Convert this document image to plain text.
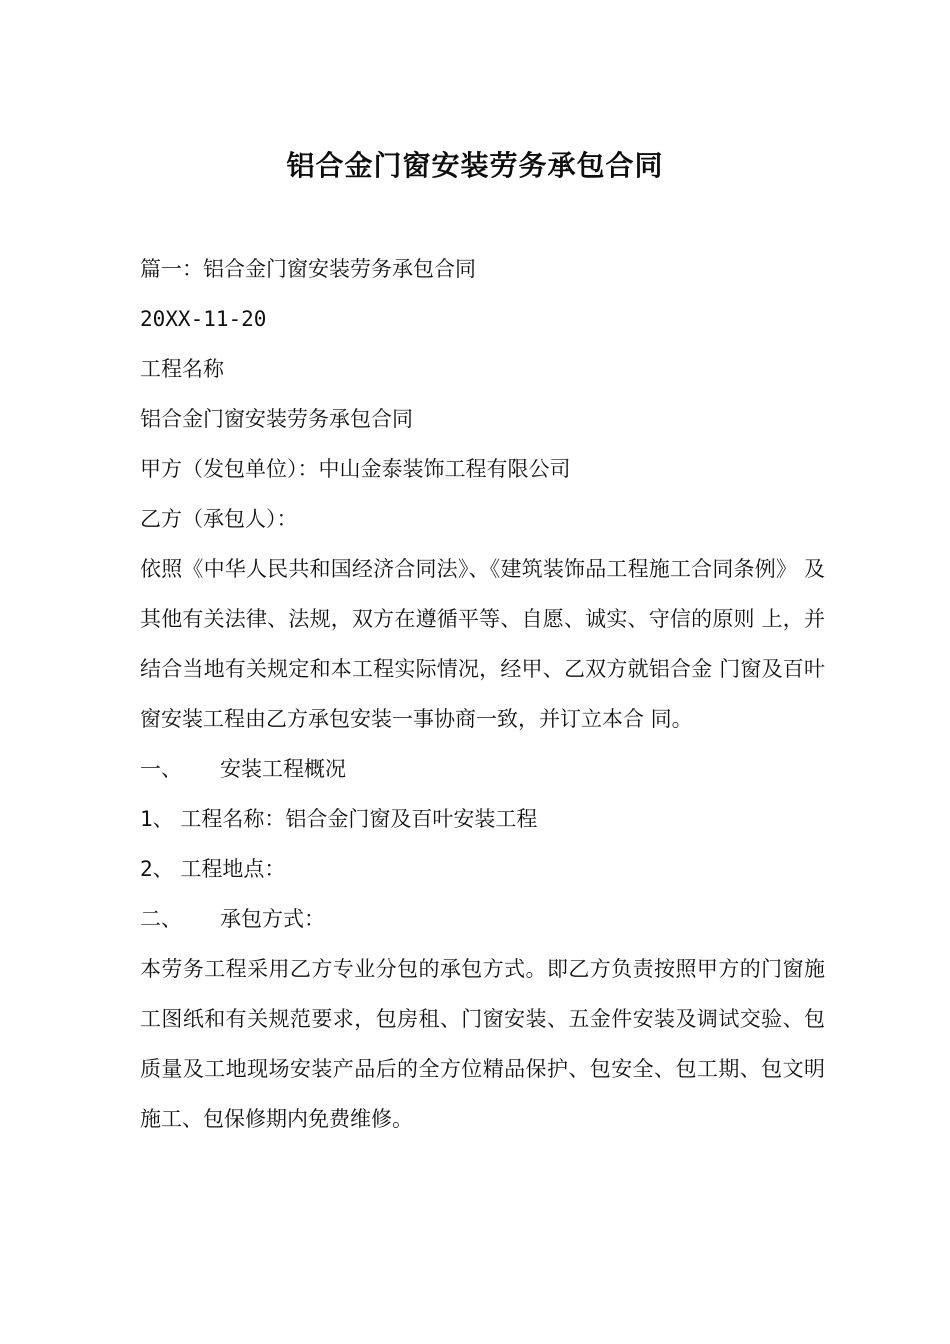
铝合金门窗安装劳务承包合同
篇一：铝合金门窗安装劳务承包合同
20XX-11-20
工程名称
铝合金门窗安装劳务承包合同
甲方（发包单位）：中山金泰装饰工程有限公司
乙方（承包人）：
依照《中华人民共和国经济合同法》、《建筑装饰品工程施工合同条例》 及其他有关法律、法规，双方在遵循平等、自愿、诚实、守信的原则 上，并结合当地有关规定和本工程实际情况，经甲、乙双方就铝合金 门窗及百叶窗安装工程由乙方承包安装一事协商一致，并订立本合 同。
一、 安装工程概况
1、 工程名称：铝合金门窗及百叶安装工程
2、 工程地点：
二、 承包方式：
本劳务工程采用乙方专业分包的承包方式。即乙方负责按照甲方的门窗施工图纸和有关规范要求，包房租、门窗安装、五金件安装及调试交验、包质量及工地现场安装产品后的全方位精品保护、包安全、包工期、包文明施工、包保修期内免费维修。
